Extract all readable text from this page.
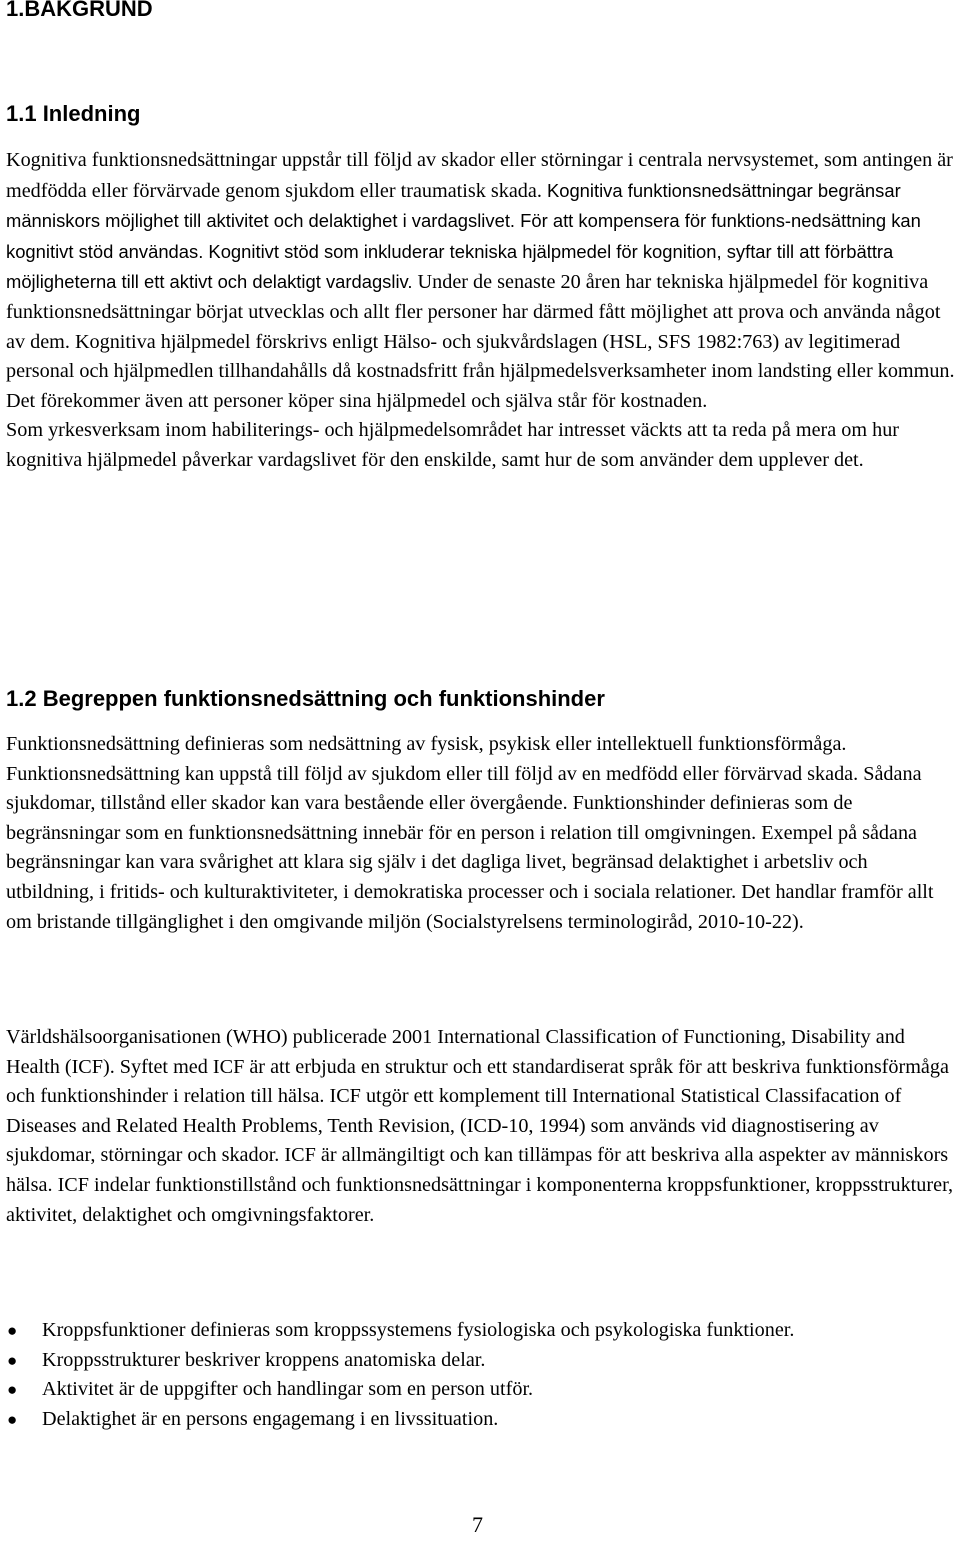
1.BAKGRUND
1.1 Inledning

Kognitiva funktionsnedsättningar uppstår till följd av skador eller störningar i centrala nervsystemet, som antingen är medfödda eller förvärvade genom sjukdom eller traumatisk skada. Kognitiva funktionsnedsättningar begränsar människors möjlighet till aktivitet och delaktighet i vardagslivet. För att kompensera för funktions-nedsättning kan kognitivt stöd användas. Kognitivt stöd som inkluderar tekniska hjälpmedel för kognition, syftar till att förbättra möjligheterna till ett aktivt och delaktigt vardagsliv. Under de senaste 20 åren har tekniska hjälpmedel för kognitiva funktionsnedsättningar börjat utvecklas och allt fler personer har därmed fått möjlighet att prova och använda något av dem. Kognitiva hjälpmedel förskrivs enligt Hälso- och sjukvårdslagen (HSL, SFS 1982:763) av legitimerad personal och hjälpmedlen tillhandahålls då kostnadsfritt från hjälpmedelsverksamheter inom landsting eller kommun. Det förekommer även att personer köper sina hjälpmedel och själva står för kostnaden.
Som yrkesverksam inom habiliterings- och hjälpmedelsområdet har intresset väckts att ta reda på mera om hur kognitiva hjälpmedel påverkar vardagslivet för den enskilde, samt hur de som använder dem upplever det.

1.2 Begreppen funktionsnedsättning och funktionshinder

Funktionsnedsättning definieras som nedsättning av fysisk, psykisk eller intellektuell funktionsförmåga. Funktionsnedsättning kan uppstå till följd av sjukdom eller till följd av en medfödd eller förvärvad skada. Sådana sjukdomar, tillstånd eller skador kan vara bestående eller övergående. Funktionshinder definieras som de begränsningar som en funktionsnedsättning innebär för en person i relation till omgivningen. Exempel på sådana begränsningar kan vara svårighet att klara sig själv i det dagliga livet, begränsad delaktighet i arbetsliv och utbildning, i fritids- och kulturaktiviteter, i demokratiska processer och i sociala relationer. Det handlar framför allt om bristande tillgänglighet i den omgivande miljön (Socialstyrelsens terminologiråd, 2010-10-22).

Världshälsoorganisationen (WHO) publicerade 2001 International Classification of Functioning, Disability and Health (ICF). Syftet med ICF är att erbjuda en struktur och ett standardiserat språk för att beskriva funktionsförmåga och funktionshinder i relation till hälsa. ICF utgör ett komplement till International Statistical Classifacation of Diseases and Related Health Problems, Tenth Revision, (ICD-10, 1994) som används vid diagnostisering av sjukdomar, störningar och skador. ICF är allmängiltigt och kan tillämpas för att beskriva alla aspekter av människors hälsa. ICF indelar funktionstillstånd och funktionsnedsättningar i komponenterna kroppsfunktioner, kroppsstrukturer, aktivitet, delaktighet och omgivningsfaktorer.

● Kroppsfunktioner definieras som kroppssystemens fysiologiska och psykologiska funktioner.
● Kroppsstrukturer beskriver kroppens anatomiska delar.
● Aktivitet är de uppgifter och handlingar som en person utför.
● Delaktighet är en persons engagemang i en livssituation.

7
